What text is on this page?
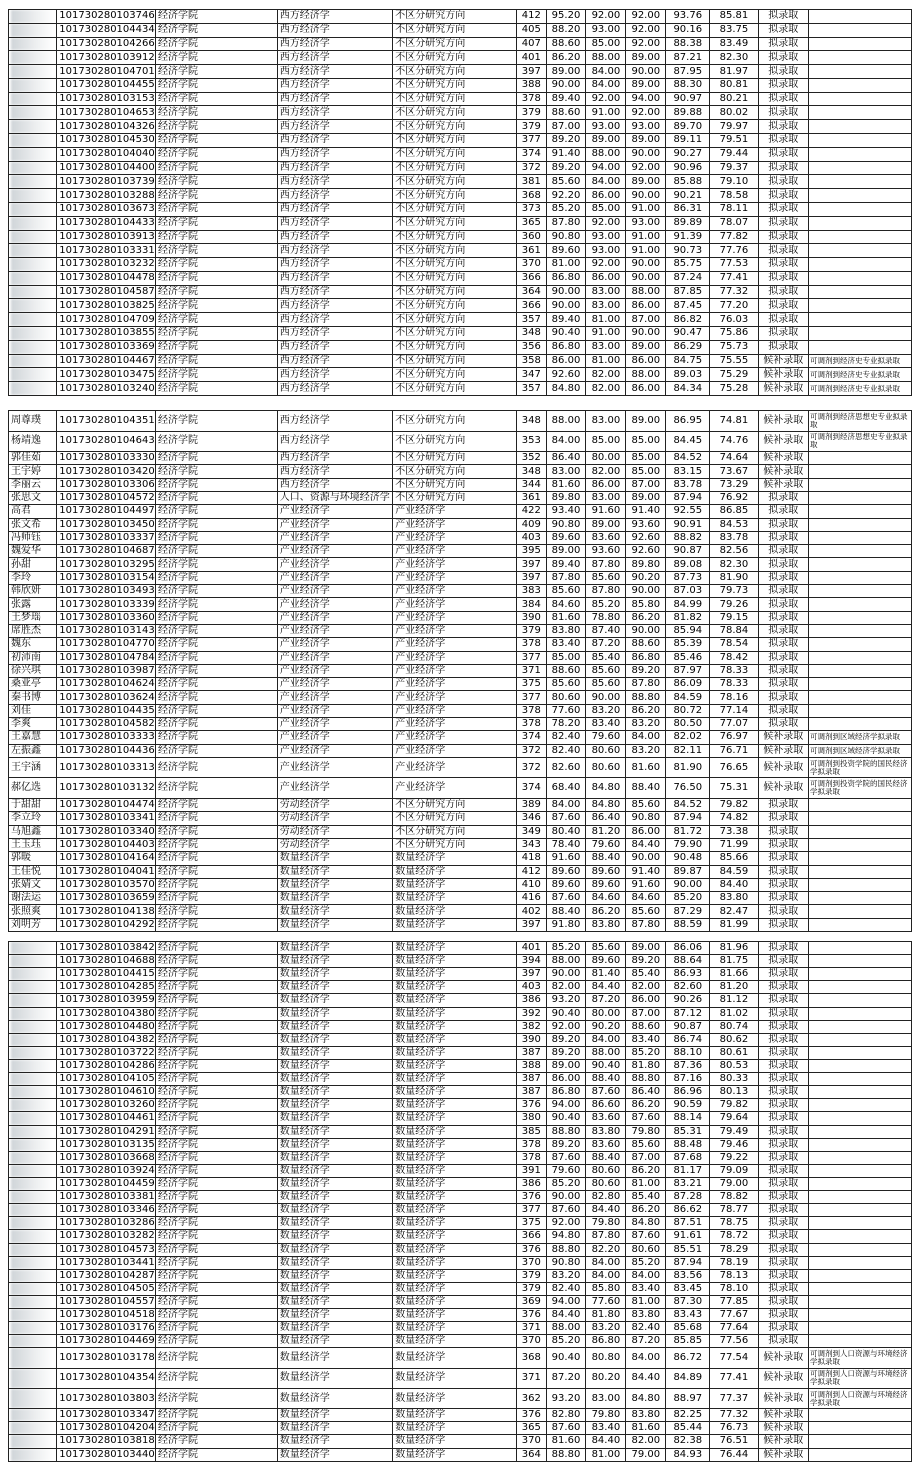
	101730280103746	经济学院	西方经济学	不区分研究方向	412	95.20	92.00	92.00	93.76	85.81	拟录取	

	101730280104434	经济学院	西方经济学	不区分研究方向	405	88.20	93.00	92.00	90.16	83.75	拟录取	

	101730280104266	经济学院	西方经济学	不区分研究方向	407	88.60	85.00	92.00	88.38	83.49	拟录取	

	101730280103912	经济学院	西方经济学	不区分研究方向	401	86.20	88.00	89.00	87.21	82.30	拟录取	

	101730280104701	经济学院	西方经济学	不区分研究方向	397	89.00	84.00	90.00	87.95	81.97	拟录取	

	101730280104455	经济学院	西方经济学	不区分研究方向	388	90.00	84.00	89.00	88.30	80.81	拟录取	

	101730280103153	经济学院	西方经济学	不区分研究方向	378	89.40	92.00	94.00	90.97	80.21	拟录取	

	101730280104653	经济学院	西方经济学	不区分研究方向	379	88.60	91.00	92.00	89.88	80.02	拟录取	

	101730280104326	经济学院	西方经济学	不区分研究方向	379	87.00	93.00	93.00	89.70	79.97	拟录取	

	101730280104530	经济学院	西方经济学	不区分研究方向	377	89.20	89.00	89.00	89.11	79.51	拟录取	

	101730280104040	经济学院	西方经济学	不区分研究方向	374	91.40	88.00	90.00	90.27	79.44	拟录取	

	101730280104400	经济学院	西方经济学	不区分研究方向	372	89.20	94.00	92.00	90.96	79.37	拟录取	

	101730280103739	经济学院	西方经济学	不区分研究方向	381	85.60	84.00	89.00	85.88	79.10	拟录取	

	101730280103288	经济学院	西方经济学	不区分研究方向	368	92.20	86.00	90.00	90.21	78.58	拟录取	

	101730280103673	经济学院	西方经济学	不区分研究方向	373	85.20	85.00	91.00	86.31	78.11	拟录取	

	101730280104433	经济学院	西方经济学	不区分研究方向	365	87.80	92.00	93.00	89.89	78.07	拟录取	

	101730280103913	经济学院	西方经济学	不区分研究方向	360	90.80	93.00	91.00	91.39	77.82	拟录取	

	101730280103331	经济学院	西方经济学	不区分研究方向	361	89.60	93.00	91.00	90.73	77.76	拟录取	

	101730280103232	经济学院	西方经济学	不区分研究方向	370	81.00	92.00	90.00	85.75	77.53	拟录取	

	101730280104478	经济学院	西方经济学	不区分研究方向	366	86.80	86.00	90.00	87.24	77.41	拟录取	

	101730280104587	经济学院	西方经济学	不区分研究方向	364	90.00	83.00	88.00	87.85	77.32	拟录取	

	101730280103825	经济学院	西方经济学	不区分研究方向	366	90.00	83.00	86.00	87.45	77.20	拟录取	

	101730280104709	经济学院	西方经济学	不区分研究方向	357	89.40	81.00	87.00	86.82	76.03	拟录取	

	101730280103855	经济学院	西方经济学	不区分研究方向	348	90.40	91.00	90.00	90.47	75.86	拟录取	

	101730280103369	经济学院	西方经济学	不区分研究方向	356	86.80	83.00	89.00	86.29	75.73	拟录取	

	101730280104467	经济学院	西方经济学	不区分研究方向	358	86.00	81.00	86.00	84.75	75.55	候补录取	可调剂到经济史专业拟录取

	101730280103475	经济学院	西方经济学	不区分研究方向	347	92.60	82.00	88.00	89.03	75.29	候补录取	可调剂到经济史专业拟录取

	101730280103240	经济学院	西方经济学	不区分研究方向	357	84.80	82.00	86.00	84.34	75.28	候补录取	可调剂到经济史专业拟录取
周尊璞	101730280104351	经济学院	西方经济学	不区分研究方向	348	88.00	83.00	89.00	86.95	74.81	候补录取	可调剂到经济思想史专业拟录取
杨靖逸	101730280104643	经济学院	西方经济学	不区分研究方向	353	84.00	85.00	85.00	84.45	74.76	候补录取	可调剂到经济思想史专业拟录取
郭佳茹	101730280103330	经济学院	西方经济学	不区分研究方向	352	86.40	80.00	85.00	84.52	74.64	候补录取	
王宇婷	101730280103420	经济学院	西方经济学	不区分研究方向	348	83.00	82.00	85.00	83.15	73.67	候补录取	
李丽云	101730280103306	经济学院	西方经济学	不区分研究方向	344	81.60	86.00	87.00	83.78	73.29	候补录取	
张思文	101730280104572	经济学院	人口、资源与环境经济学	不区分研究方向	361	89.80	83.00	89.00	87.94	76.92	拟录取	
高君	101730280104497	经济学院	产业经济学	产业经济学	422	93.40	91.60	91.40	92.55	86.85	拟录取	
张文希	101730280103450	经济学院	产业经济学	产业经济学	409	90.80	89.00	93.60	90.91	84.53	拟录取	
冯师钰	101730280103337	经济学院	产业经济学	产业经济学	403	89.60	83.60	92.60	88.82	83.78	拟录取	
魏爱华	101730280104687	经济学院	产业经济学	产业经济学	395	89.00	93.60	92.60	90.87	82.56	拟录取	
孙甜	101730280103295	经济学院	产业经济学	产业经济学	397	89.40	87.80	89.80	89.08	82.30	拟录取	
李玲	101730280103154	经济学院	产业经济学	产业经济学	397	87.80	85.60	90.20	87.73	81.90	拟录取	
韩欣妍	101730280103493	经济学院	产业经济学	产业经济学	383	85.60	87.80	90.00	87.03	79.73	拟录取	
张露	101730280103339	经济学院	产业经济学	产业经济学	384	84.60	85.20	85.80	84.99	79.26	拟录取	
王梦瑶	101730280103360	经济学院	产业经济学	产业经济学	390	81.60	78.80	86.20	81.82	79.15	拟录取	
席胜杰	101730280103143	经济学院	产业经济学	产业经济学	379	83.80	87.40	90.00	85.94	78.84	拟录取	
魏东	101730280104770	经济学院	产业经济学	产业经济学	378	83.40	87.20	88.60	85.39	78.54	拟录取	
初沛南	101730280104784	经济学院	产业经济学	产业经济学	377	85.00	85.40	86.80	85.46	78.42	拟录取	
徐兴琪	101730280103987	经济学院	产业经济学	产业经济学	371	88.60	85.60	89.20	87.97	78.33	拟录取	
桑亚亭	101730280104624	经济学院	产业经济学	产业经济学	375	85.60	85.60	87.80	86.09	78.33	拟录取	
秦书博	101730280103624	经济学院	产业经济学	产业经济学	377	80.60	90.00	88.80	84.59	78.16	拟录取	
刘佳	101730280104435	经济学院	产业经济学	产业经济学	378	77.60	83.20	86.20	80.72	77.14	拟录取	
李爽	101730280104582	经济学院	产业经济学	产业经济学	378	78.20	83.40	83.20	80.50	77.07	拟录取	
王嘉慧	101730280103333	经济学院	产业经济学	产业经济学	374	82.40	79.60	84.00	82.02	76.97	候补录取	可调剂到区域经济学拟录取
左振鑫	101730280104436	经济学院	产业经济学	产业经济学	372	82.40	80.60	83.20	82.11	76.71	候补录取	可调剂到区域经济学拟录取
王宇涵	101730280103313	经济学院	产业经济学	产业经济学	372	82.60	80.60	81.60	81.90	76.65	候补录取	可调剂到投资学院的国民经济学拟录取
郝亿选	101730280103132	经济学院	产业经济学	产业经济学	374	68.40	84.80	88.40	76.50	75.31	候补录取	可调剂到投资学院的国民经济学拟录取
于甜甜	101730280104474	经济学院	劳动经济学	不区分研究方向	389	84.00	84.80	85.60	84.52	79.82	拟录取	
李立玲	101730280103341	经济学院	劳动经济学	不区分研究方向	346	87.60	86.40	90.80	87.94	74.82	拟录取	
马旭鑫	101730280103340	经济学院	劳动经济学	不区分研究方向	349	80.40	81.20	86.00	81.72	73.38	拟录取	
王玉珏	101730280104403	经济学院	劳动经济学	不区分研究方向	343	78.40	79.60	84.40	79.90	71.99	拟录取	
郭暖	101730280104164	经济学院	数量经济学	数量经济学	418	91.60	88.40	90.00	90.48	85.66	拟录取	
王佳悦	101730280104041	经济学院	数量经济学	数量经济学	412	89.60	89.60	91.40	89.87	84.59	拟录取	
张婧文	101730280103570	经济学院	数量经济学	数量经济学	410	89.60	89.60	91.60	90.00	84.40	拟录取	
谢法运	101730280103659	经济学院	数量经济学	数量经济学	416	87.60	84.60	84.60	85.20	83.80	拟录取	
张照爽	101730280104138	经济学院	数量经济学	数量经济学	402	88.40	86.20	85.60	87.29	82.47	拟录取	
刘明芳	101730280104292	经济学院	数量经济学	数量经济学	397	91.80	83.80	87.80	88.59	81.99	拟录取	

	101730280103842	经济学院	数量经济学	数量经济学	401	85.20	85.60	89.00	86.06	81.96	拟录取	

	101730280104688	经济学院	数量经济学	数量经济学	394	88.00	89.60	89.20	88.64	81.75	拟录取	

	101730280104415	经济学院	数量经济学	数量经济学	397	90.00	81.40	85.40	86.93	81.66	拟录取	

	101730280104285	经济学院	数量经济学	数量经济学	403	82.00	84.40	82.00	82.60	81.20	拟录取	

	101730280103959	经济学院	数量经济学	数量经济学	386	93.20	87.20	86.00	90.26	81.12	拟录取	

	101730280104380	经济学院	数量经济学	数量经济学	392	90.40	80.00	87.00	87.12	81.02	拟录取	

	101730280104480	经济学院	数量经济学	数量经济学	382	92.00	90.20	88.60	90.87	80.74	拟录取	

	101730280104382	经济学院	数量经济学	数量经济学	390	89.20	84.00	83.40	86.74	80.62	拟录取	

	101730280103722	经济学院	数量经济学	数量经济学	387	89.20	88.00	85.20	88.10	80.61	拟录取	

	101730280104286	经济学院	数量经济学	数量经济学	388	89.00	90.40	81.80	87.36	80.53	拟录取	

	101730280104105	经济学院	数量经济学	数量经济学	387	86.00	88.40	88.80	87.16	80.33	拟录取	

	101730280104610	经济学院	数量经济学	数量经济学	387	86.80	87.60	86.40	86.96	80.13	拟录取	

	101730280103260	经济学院	数量经济学	数量经济学	376	94.00	86.60	86.20	90.59	79.82	拟录取	

	101730280104461	经济学院	数量经济学	数量经济学	380	90.40	83.60	87.60	88.14	79.64	拟录取	

	101730280104291	经济学院	数量经济学	数量经济学	385	88.80	83.80	79.80	85.31	79.49	拟录取	

	101730280103135	经济学院	数量经济学	数量经济学	378	89.20	83.60	85.60	88.48	79.46	拟录取	

	101730280103668	经济学院	数量经济学	数量经济学	378	87.60	88.40	87.00	87.68	79.22	拟录取	

	101730280103924	经济学院	数量经济学	数量经济学	391	79.60	80.60	86.20	81.17	79.09	拟录取	

	101730280104459	经济学院	数量经济学	数量经济学	386	85.20	80.60	81.00	83.21	79.00	拟录取	

	101730280103381	经济学院	数量经济学	数量经济学	376	90.00	82.80	85.40	87.28	78.82	拟录取	

	101730280103346	经济学院	数量经济学	数量经济学	377	87.60	84.40	86.20	86.62	78.77	拟录取	

	101730280103286	经济学院	数量经济学	数量经济学	375	92.00	79.80	84.80	87.51	78.75	拟录取	

	101730280103282	经济学院	数量经济学	数量经济学	366	94.80	87.80	87.60	91.61	78.72	拟录取	

	101730280104573	经济学院	数量经济学	数量经济学	376	88.80	82.20	80.60	85.51	78.29	拟录取	

	101730280103441	经济学院	数量经济学	数量经济学	370	90.80	84.00	85.20	87.94	78.19	拟录取	

	101730280104287	经济学院	数量经济学	数量经济学	379	83.20	84.00	84.00	83.56	78.13	拟录取	

	101730280104505	经济学院	数量经济学	数量经济学	379	82.40	85.80	83.40	83.45	78.10	拟录取	

	101730280104557	经济学院	数量经济学	数量经济学	369	94.00	77.60	81.00	87.30	77.85	拟录取	

	101730280104518	经济学院	数量经济学	数量经济学	376	84.40	81.80	83.80	83.43	77.67	拟录取	

	101730280103176	经济学院	数量经济学	数量经济学	371	88.00	83.20	82.40	85.68	77.64	拟录取	

	101730280104469	经济学院	数量经济学	数量经济学	370	85.20	86.80	87.20	85.85	77.56	拟录取	

	101730280103178	经济学院	数量经济学	数量经济学	368	90.40	80.80	84.00	86.72	77.54	候补录取	可调剂到人口资源与环境经济学拟录取

	101730280104354	经济学院	数量经济学	数量经济学	371	87.20	80.20	84.40	84.89	77.41	候补录取	可调剂到人口资源与环境经济学拟录取

	101730280103803	经济学院	数量经济学	数量经济学	362	93.20	83.00	84.80	88.97	77.37	候补录取	可调剂到人口资源与环境经济学拟录取

	101730280103347	经济学院	数量经济学	数量经济学	376	82.80	79.80	83.80	82.25	77.32	候补录取	

	101730280104204	经济学院	数量经济学	数量经济学	365	87.60	83.40	81.60	85.44	76.73	候补录取	

	101730280103818	经济学院	数量经济学	数量经济学	370	81.60	84.40	82.00	82.38	76.51	候补录取	

	101730280103440	经济学院	数量经济学	数量经济学	364	88.80	81.00	79.00	84.93	76.44	候补录取	
